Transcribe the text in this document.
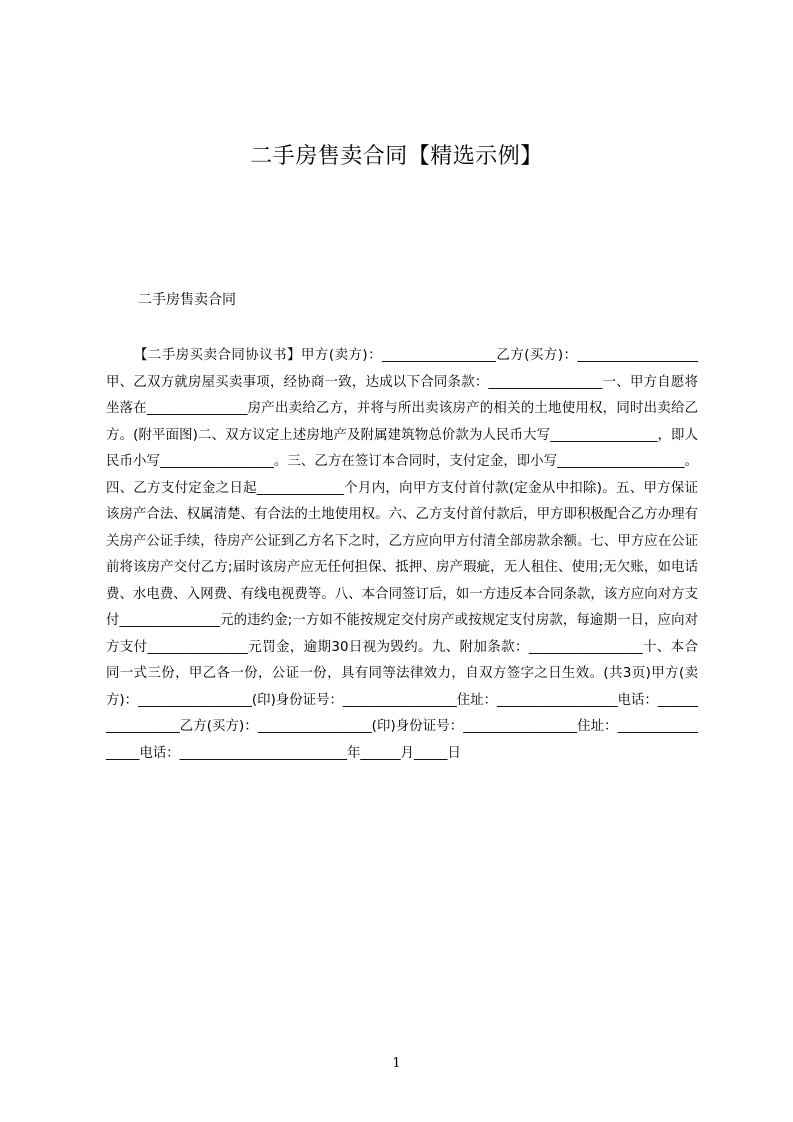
二手房售卖合同【精选示例】
二手房售卖合同
【二手房买卖合同协议书】甲方(卖方)：_________________乙方(买方)：__________________甲、乙双方就房屋买卖事项，经协商一致，达成以下合同条款：_________________一、甲方自愿将坐落在_______________房产出卖给乙方，并将与所出卖该房产的相关的土地使用权，同时出卖给乙方。(附平面图)二、双方议定上述房地产及附属建筑物总价款为人民币大写________________，即人民币小写_________________。三、乙方在签订本合同时，支付定金，即小写___________________。四、乙方支付定金之日起_____________个月内，向甲方支付首付款(定金从中扣除)。五、甲方保证该房产合法、权属清楚、有合法的土地使用权。六、乙方支付首付款后，甲方即积极配合乙方办理有关房产公证手续，待房产公证到乙方名下之时，乙方应向甲方付清全部房款余额。七、甲方应在公证前将该房产交付乙方;届时该房产应无任何担保、抵押、房产瑕疵，无人租住、使用;无欠账，如电话费、水电费、入网费、有线电视费等。八、本合同签订后，如一方违反本合同条款，该方应向对方支付_______________元的违约金;一方如不能按规定交付房产或按规定支付房款，每逾期一日，应向对方支付_______________元罚金，逾期30日视为毁约。九、附加条款：_________________十、本合同一式三份，甲乙各一份，公证一份，具有同等法律效力，自双方签字之日生效。(共3页)甲方(卖方)：_________________(印)身份证号：_________________住址：__________________电话：_________________乙方(买方)：_________________(印)身份证号：_________________住址：_________________电话：_________________________年______月_____日
1
